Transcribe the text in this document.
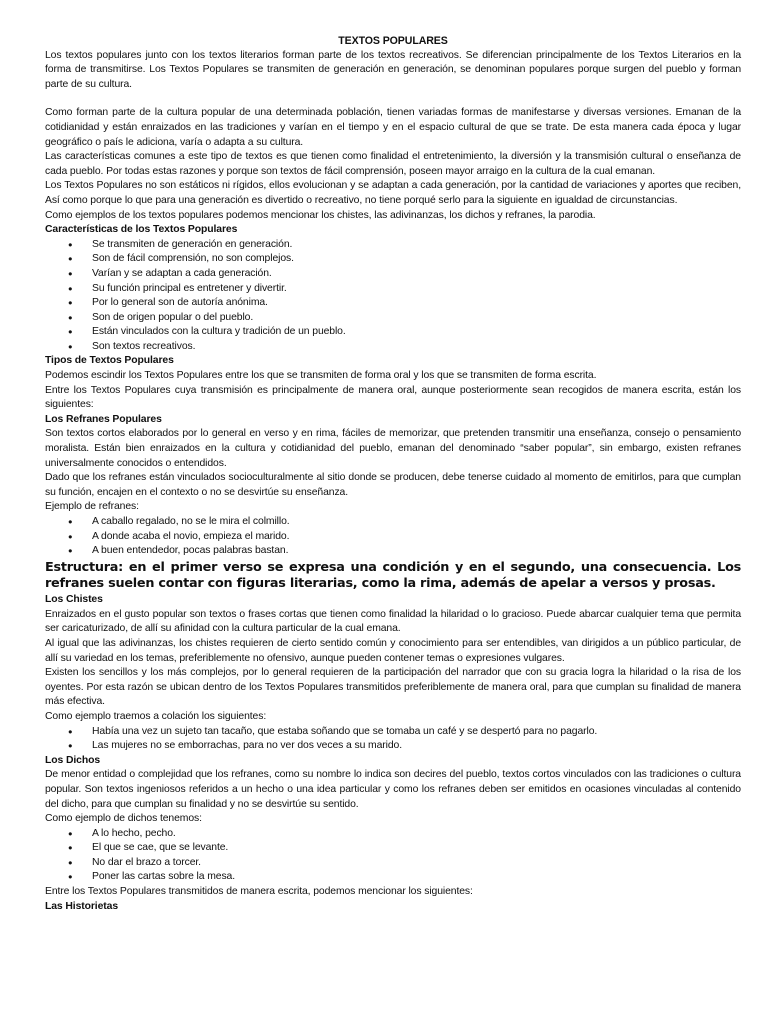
TEXTOS POPULARES

Los textos populares junto con los textos literarios forman parte de los textos recreativos. Se diferencian principalmente de los Textos Literarios en la forma de transmitirse. Los Textos Populares se transmiten de generación en generación, se denominan populares porque surgen del pueblo y forman parte de su cultura.

Como forman parte de la cultura popular de una determinada población, tienen variadas formas de manifestarse y diversas versiones. Emanan de la cotidianidad y están enraizados en las tradiciones y varían en el tiempo y en el espacio cultural de que se trate. De esta manera cada época y lugar geográfico o país le adiciona, varía o adapta a su cultura.

Las características comunes a este tipo de textos es que tienen como finalidad el entretenimiento, la diversión y la transmisión cultural o enseñanza de cada pueblo. Por todas estas razones y porque son textos de fácil comprensión, poseen mayor arraigo en la cultura de la cual emanan.

Los Textos Populares no son estáticos ni rígidos, ellos evolucionan y se adaptan a cada generación, por la cantidad de variaciones y aportes que reciben, Así como porque lo que para una generación es divertido o recreativo, no tiene porqué serlo para la siguiente en igualdad de circunstancias.

Como ejemplos de los textos populares podemos mencionar los chistes, las adivinanzas, los dichos y refranes, la parodia.

Características de los Textos Populares
● Se transmiten de generación en generación.
● Son de fácil comprensión, no son complejos.
● Varían y se adaptan a cada generación.
● Su función principal es entretener y divertir.
● Por lo general son de autoría anónima.
● Son de origen popular o del pueblo.
● Están vinculados con la cultura y tradición de un pueblo.
● Son textos recreativos.
Tipos de Textos Populares

Podemos escindir los Textos Populares entre los que se transmiten de forma oral y los que se transmiten de forma escrita.

Entre los Textos Populares cuya transmisión es principalmente de manera oral, aunque posteriormente sean recogidos de manera escrita, están los siguientes:

Los Refranes Populares

Son textos cortos elaborados por lo general en verso y en rima, fáciles de memorizar, que pretenden transmitir una enseñanza, consejo o pensamiento moralista. Están bien enraizados en la cultura y cotidianidad del pueblo, emanan del denominado “saber popular”, sin embargo, existen refranes universalmente conocidos o entendidos.

Dado que los refranes están vinculados socioculturalmente al sitio donde se producen, debe tenerse cuidado al momento de emitirlos, para que cumplan su función, encajen en el contexto o no se desvirtúe su enseñanza.

Ejemplo de refranes:

● A caballo regalado, no se le mira el colmillo.
● A donde acaba el novio, empieza el marido.
● A buen entendedor, pocas palabras bastan.

Estructura: en el primer verso se expresa una condición y en el segundo, una consecuencia. Los refranes suelen contar con figuras literarias, como la rima, además de apelar a versos y prosas.

Los Chistes

Enraizados en el gusto popular son textos o frases cortas que tienen como finalidad la hilaridad o lo gracioso. Puede abarcar cualquier tema que permita ser caricaturizado, de allí su afinidad con la cultura particular de la cual emana.

Al igual que las adivinanzas, los chistes requieren de cierto sentido común y conocimiento para ser entendibles, van dirigidos a un público particular, de allí su variedad en los temas, preferiblemente no ofensivo, aunque pueden contener temas o expresiones vulgares.

Existen los sencillos y los más complejos, por lo general requieren de la participación del narrador que con su gracia logra la hilaridad o la risa de los oyentes. Por esta razón se ubican dentro de los Textos Populares transmitidos preferiblemente de manera oral, para que cumplan su finalidad de manera más efectiva.

Como ejemplo traemos a colación los siguientes:

● Había una vez un sujeto tan tacaño, que estaba soñando que se tomaba un café y se despertó para no pagarlo.
● Las mujeres no se emborrachas, para no ver dos veces a su marido.
Los Dichos

De menor entidad o complejidad que los refranes, como su nombre lo indica son decires del pueblo, textos cortos vinculados con las tradiciones o cultura popular. Son textos ingeniosos referidos a un hecho o una idea particular y como los refranes deben ser emitidos en ocasiones vinculadas al contenido del dicho, para que cumplan su finalidad y no se desvirtúe su sentido.

Como ejemplo de dichos tenemos:

● A lo hecho, pecho.
● El que se cae, que se levante.
● No dar el brazo a torcer.
● Poner las cartas sobre la mesa.

Entre los Textos Populares transmitidos de manera escrita, podemos mencionar los siguientes:

Las Historietas
